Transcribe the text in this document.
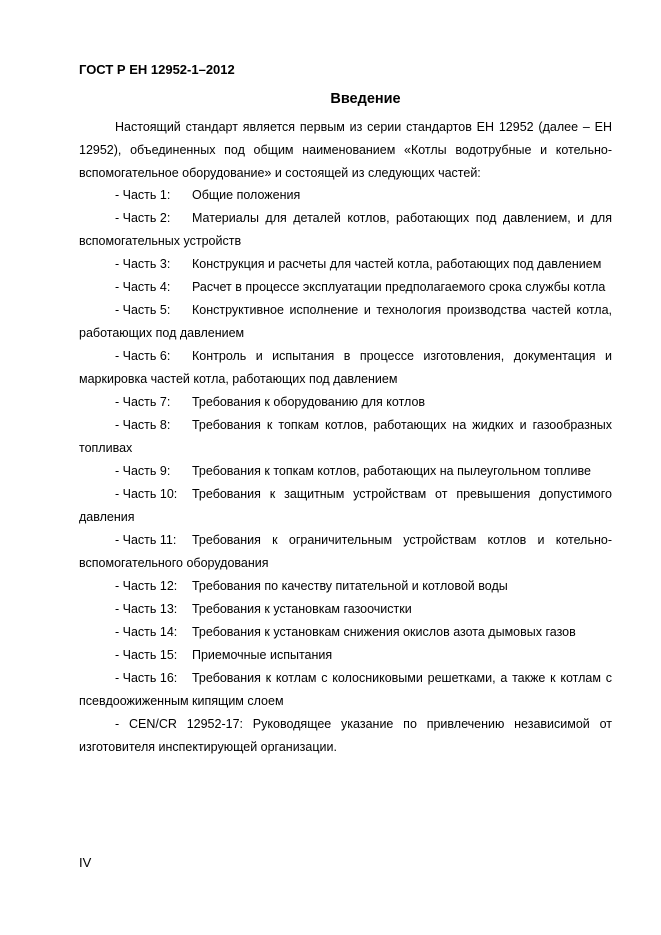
ГОСТ Р ЕН 12952-1–2012
Введение

Настоящий стандарт является первым из серии стандартов ЕН 12952 (далее – ЕН 12952), объединенных под общим наименованием «Котлы водотрубные и котельно-вспомогательное оборудование» и состоящей из следующих частей:

- Часть 1: Общие положения
- Часть 2: Материалы для деталей котлов, работающих под давлением, и для вспомогательных устройств
- Часть 3: Конструкция и расчеты для частей котла, работающих под давлением
- Часть 4: Расчет в процессе эксплуатации предполагаемого срока службы котла
- Часть 5: Конструктивное исполнение и технология производства частей котла, работающих под давлением
- Часть 6: Контроль и испытания в процессе изготовления, документация и маркировка частей котла, работающих под давлением
- Часть 7: Требования к оборудованию для котлов
- Часть 8: Требования к топкам котлов, работающих на жидких и газообразных топливах
- Часть 9: Требования к топкам котлов, работающих на пылеугольном топливе
- Часть 10: Требования к защитным устройствам от превышения допустимого давления
- Часть 11: Требования к ограничительным устройствам котлов и котельно-вспомогательного оборудования
- Часть 12: Требования по качеству питательной и котловой воды
- Часть 13: Требования к установкам газоочистки
- Часть 14: Требования к установкам снижения окислов азота дымовых газов
- Часть 15: Приемочные испытания
- Часть 16: Требования к котлам с колосниковыми решетками, а также к котлам с псевдоожиженным кипящим слоем
- CEN/CR 12952-17: Руководящее указание по привлечению независимой от изготовителя инспектирующей организации.
IV
